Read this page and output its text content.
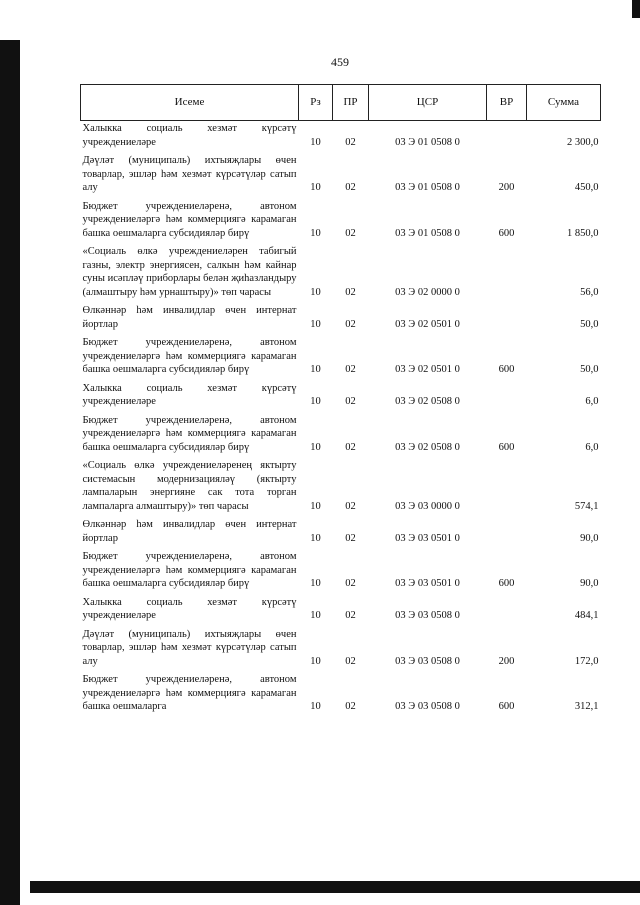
459
Исеме	Рз	ПР	ЦСР	ВР	Сумма
Халыкка социаль хезмәт күрсәтү учреждениеләре	10	02	03 Э 01 0508 0		2 300,0
Дәүләт (муниципаль) ихтыяҗлары өчен товарлар, эшләр һәм хезмәт күрсәтүләр сатып алу	10	02	03 Э 01 0508 0	200	450,0
Бюджет учреждениеләренә, автоном учреждениеләргә һәм коммерциягә карамаган башка оешмаларга субсидияләр бирү	10	02	03 Э 01 0508 0	600	1 850,0
«Социаль өлкә учреждениеләрен табигый газны, электр энергиясен, салкын һәм кайнар суны исәпләү приборлары белән җиһазландыру (алмаштыру һәм урнаштыру)» төп чарасы	10	02	03 Э 02 0000 0		56,0
Өлкәннәр һәм инвалидлар өчен интернат йортлар	10	02	03 Э 02 0501 0		50,0
Бюджет учреждениеләренә, автоном учреждениеләргә һәм коммерциягә карамаган башка оешмаларга субсидияләр бирү	10	02	03 Э 02 0501 0	600	50,0
Халыкка социаль хезмәт күрсәтү учреждениеләре	10	02	03 Э 02 0508 0		6,0
Бюджет учреждениеләренә, автоном учреждениеләргә һәм коммерциягә карамаган башка оешмаларга субсидияләр бирү	10	02	03 Э 02 0508 0	600	6,0
«Социаль өлкә учреждениеләренең яктырту системасын модернизацияләү (яктырту лампаларын энергияне сак тота торган лампаларга алмаштыру)» төп чарасы	10	02	03 Э 03 0000 0		574,1
Өлкәннәр һәм инвалидлар өчен интернат йортлар	10	02	03 Э 03 0501 0		90,0
Бюджет учреждениеләренә, автоном учреждениеләргә һәм коммерциягә карамаган башка оешмаларга субсидияләр бирү	10	02	03 Э 03 0501 0	600	90,0
Халыкка социаль хезмәт күрсәтү учреждениеләре	10	02	03 Э 03 0508 0		484,1
Дәүләт (муниципаль) ихтыяҗлары өчен товарлар, эшләр һәм хезмәт күрсәтүләр сатып алу	10	02	03 Э 03 0508 0	200	172,0
Бюджет учреждениеләренә, автоном учреждениеләргә һәм коммерциягә карамаган башка оешмаларга	10	02	03 Э 03 0508 0	600	312,1
